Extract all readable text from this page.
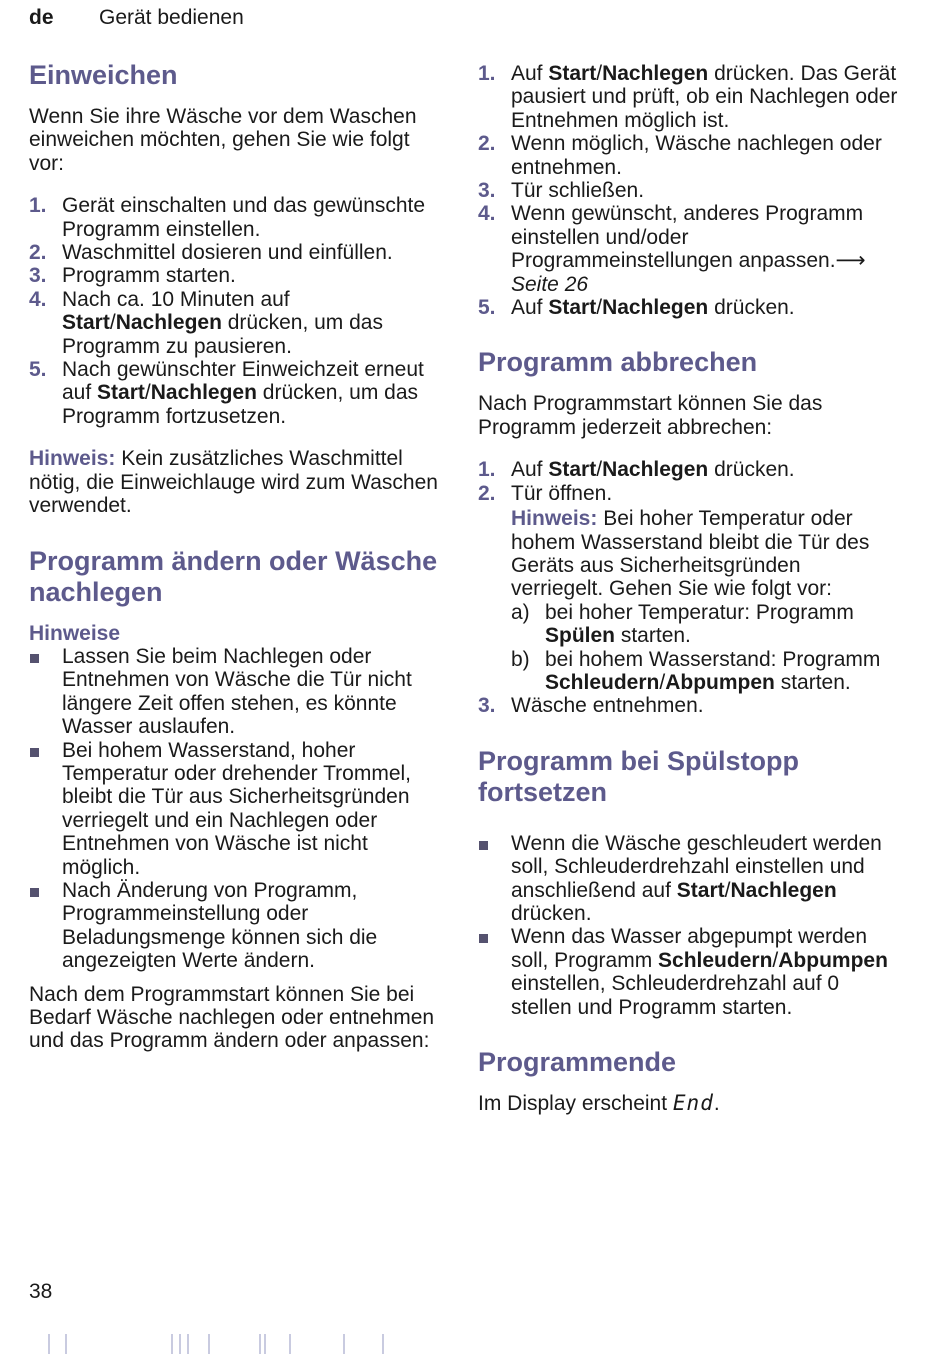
de Gerät bedienen
Einweichen

Wenn Sie ihre Wäsche vor dem Waschen einweichen möchten, gehen Sie wie folgt vor:

1. Gerät einschalten und das gewünschte Programm einstellen.
2. Waschmittel dosieren und einfüllen.
3. Programm starten.
4. Nach ca. 10 Minuten auf Start/Nachlegen drücken, um das Programm zu pausieren.
5. Nach gewünschter Einweichzeit erneut auf Start/Nachlegen drücken, um das Programm fortzusetzen.

Hinweis: Kein zusätzliches Waschmittel nötig, die Einweichlauge wird zum Waschen verwendet.

Programm ändern oder Wäsche nachlegen

Hinweise

Lassen Sie beim Nachlegen oder Entnehmen von Wäsche die Tür nicht längere Zeit offen stehen, es könnte Wasser auslaufen.
Bei hohem Wasserstand, hoher Temperatur oder drehender Trommel, bleibt die Tür aus Sicherheitsgründen verriegelt und ein Nachlegen oder Entnehmen von Wäsche ist nicht möglich.
Nach Änderung von Programm, Programmeinstellung oder Beladungsmenge können sich die angezeigten Werte ändern.

Nach dem Programmstart können Sie bei Bedarf Wäsche nachlegen oder entnehmen und das Programm ändern oder anpassen:

1. Auf Start/Nachlegen drücken. Das Gerät pausiert und prüft, ob ein Nachlegen oder Entnehmen möglich ist.
2. Wenn möglich, Wäsche nachlegen oder entnehmen.
3. Tür schließen.
4. Wenn gewünscht, anderes Programm einstellen und/oder Programmeinstellungen anpassen.⟶ Seite 26
5. Auf Start/Nachlegen drücken.
Programm abbrechen

Nach Programmstart können Sie das Programm jederzeit abbrechen:

1. Auf Start/Nachlegen drücken.
2. Tür öffnen.

Hinweis: Bei hoher Temperatur oder hohem Wasserstand bleibt die Tür des Geräts aus Sicherheitsgründen verriegelt. Gehen Sie wie folgt vor:

a) bei hoher Temperatur: Programm Spülen starten.
b) bei hohem Wasserstand: Programm Schleudern/Abpumpen starten.
3. Wäsche entnehmen.
Programm bei Spülstopp fortsetzen
Wenn die Wäsche geschleudert werden soll, Schleuderdrehzahl einstellen und anschließend auf Start/Nachlegen drücken.
Wenn das Wasser abgepumpt werden soll, Programm Schleudern/Abpumpen einstellen, Schleuderdrehzahl auf 0 stellen und Programm starten.
Programmende

Im Display erscheint End.

38
